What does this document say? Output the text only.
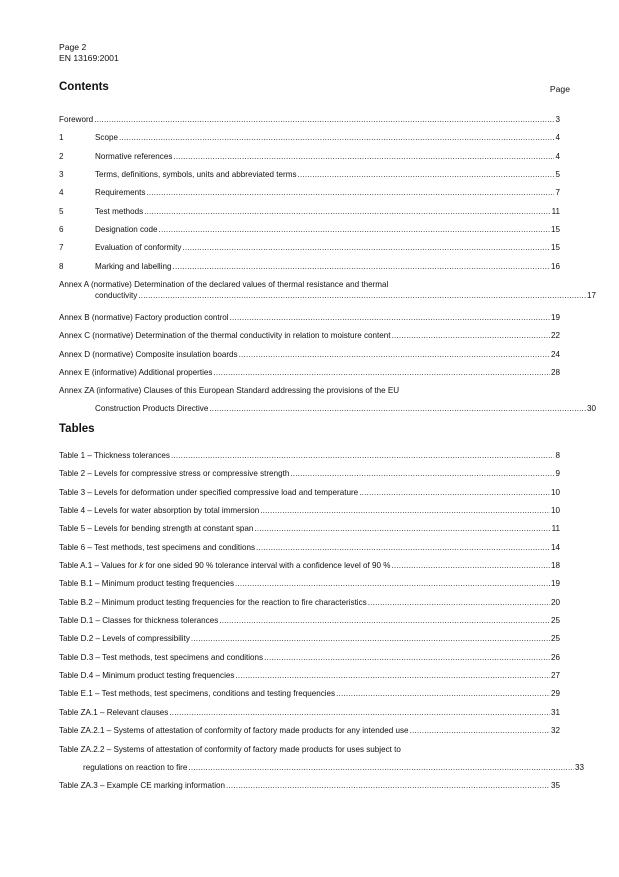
Page 2
EN 13169:2001
Contents	Page
Foreword .....	3
1	Scope .....	4
2	Normative references .....	4
3	Terms, definitions, symbols, units and abbreviated terms .....	5
4	Requirements .....	7
5	Test methods .....	11
6	Designation code .....	15
7	Evaluation of conformity .....	15
8	Marking and labelling .....	16
Annex A (normative) Determination of the declared values of thermal resistance and thermal
conductivity .....	17
Annex B (normative) Factory production control .....	19
Annex C (normative) Determination of the thermal conductivity in relation to moisture content .....	22
Annex D (normative) Composite insulation boards .....	24
Annex E (informative) Additional properties .....	28
Annex ZA (informative) Clauses of this European Standard addressing the provisions of the EU
Construction Products Directive .....	30
Tables
Table 1 – Thickness tolerances .....	8
Table 2 – Levels for compressive stress or compressive strength .....	9
Table 3 – Levels for deformation under specified compressive load and temperature .....	10
Table 4 – Levels for water absorption by total immersion .....	10
Table 5 – Levels for bending strength at constant span .....	11
Table 6 – Test methods, test specimens and conditions .....	14
Table A.1 – Values for k for one sided 90 % tolerance interval with a confidence level of 90 % .....	18
Table B.1 – Minimum product testing frequencies .....	19
Table B.2 – Minimum product testing frequencies for the reaction to fire characteristics .....	20
Table D.1 – Classes for thickness tolerances .....	25
Table D.2 – Levels of compressibility .....	25
Table D.3 – Test methods, test specimens and conditions .....	26
Table D.4 – Minimum product testing frequencies .....	27
Table E.1 – Test methods, test specimens, conditions and testing frequencies .....	29
Table ZA.1 – Relevant clauses .....	31
Table ZA.2.1 – Systems of attestation of conformity of factory made products for any intended use .....	32
Table ZA.2.2 – Systems of attestation of conformity of factory made products for uses subject to
regulations on reaction to fire .....	33
Table ZA.3 – Example CE marking information .....	35
